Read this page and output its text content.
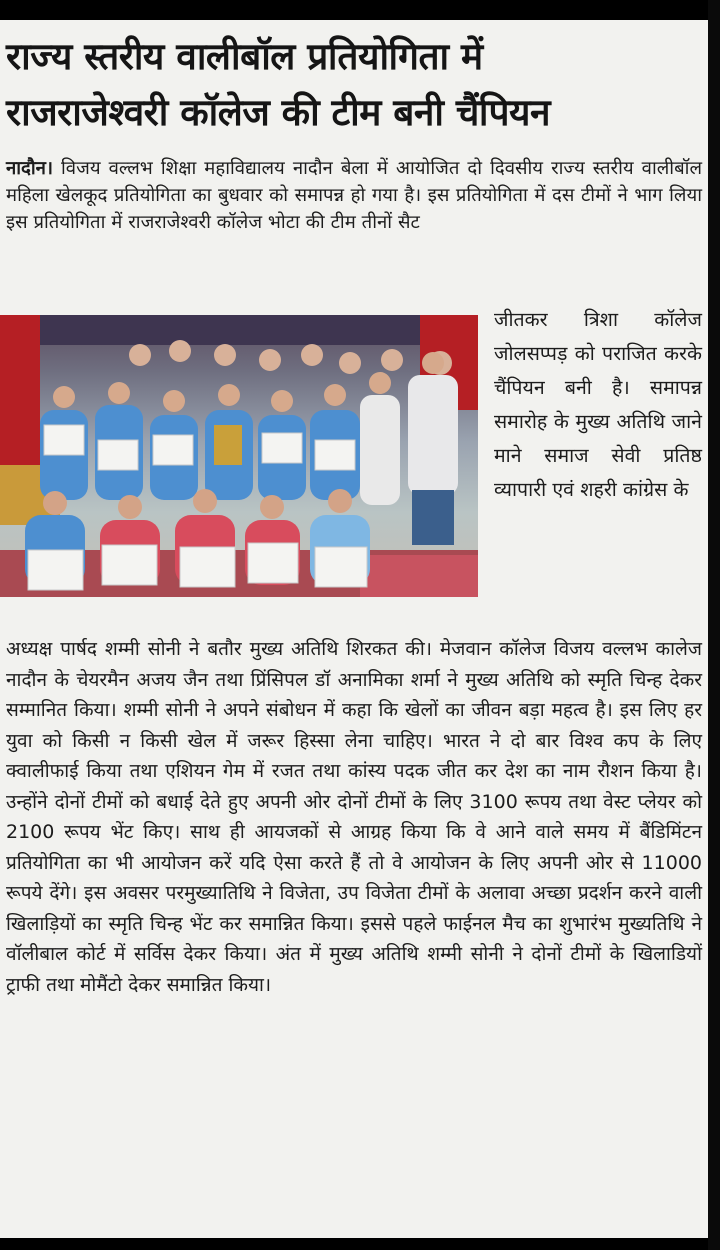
राज्य स्तरीय वालीबॉल प्रतियोगिता में
राजराजेश्वरी कॉलेज की टीम बनी चैंपियन
नादौन। विजय वल्लभ शिक्षा महाविद्यालय नादौन बेला में आयोजित दो दिवसीय राज्य स्तरीय वालीबॉल महिला खेलकूद प्रतियोगिता का बुधवार को समापन्न हो गया है। इस प्रतियोगिता में दस टीमों ने भाग लिया इस प्रतियोगिता में राजराजेश्वरी कॉलेज भोटा की टीम तीनों सैट
जीतकर त्रिशा कॉलेज जोलसप्पड़ को पराजित करके चैंपियन बनी है। समापन्न समारोह के मुख्य अतिथि जाने माने समाज सेवी प्रतिष्ठ व्यापारी एवं शहरी कांग्रेस के
अध्यक्ष पार्षद शम्मी सोनी ने बतौर मुख्य अतिथि शिरकत की। मेजवान कॉलेज विजय वल्लभ कालेज नादौन के चेयरमैन अजय जैन तथा प्रिंसिपल डॉ अनामिका शर्मा ने मुख्य अतिथि को स्मृति चिन्ह देकर सम्मानित किया। शम्मी सोनी ने अपने संबोधन में कहा कि खेलों का जीवन बड़ा महत्व है। इस लिए हर युवा को किसी न किसी खेल में जरूर हिस्सा लेना चाहिए। भारत ने दो बार विश्व कप के लिए क्वालीफाई किया तथा एशियन गेम में रजत तथा कांस्य पदक जीत कर देश का नाम रौशन किया है। उन्होंने दोनों टीमों को बधाई देते हुए अपनी ओर दोनों टीमों के लिए 3100 रूपय तथा वेस्ट प्लेयर को 2100 रूपय भेंट किए। साथ ही आयजकों से आग्रह किया कि वे आने वाले समय में बैंडिमिंटन प्रतियोगिता का भी आयोजन करें यदि ऐसा करते हैं तो वे आयोजन के लिए अपनी ओर से 11000 रूपये देंगे। इस अवसर परमुख्यातिथि ने विजेता, उप विजेता टीमों के अलावा अच्छा प्रदर्शन करने वाली खिलाड़ियों का स्मृति चिन्ह भेंट कर समान्नित किया। इससे पहले फाईनल मैच का शुभारंभ मुख्यतिथि ने वॉलीबाल कोर्ट में सर्विस देकर किया। अंत में मुख्य अतिथि शम्मी सोनी ने दोनों टीमों के खिलाडियों ट्राफी तथा मोमैंटो देकर समान्नित किया।
